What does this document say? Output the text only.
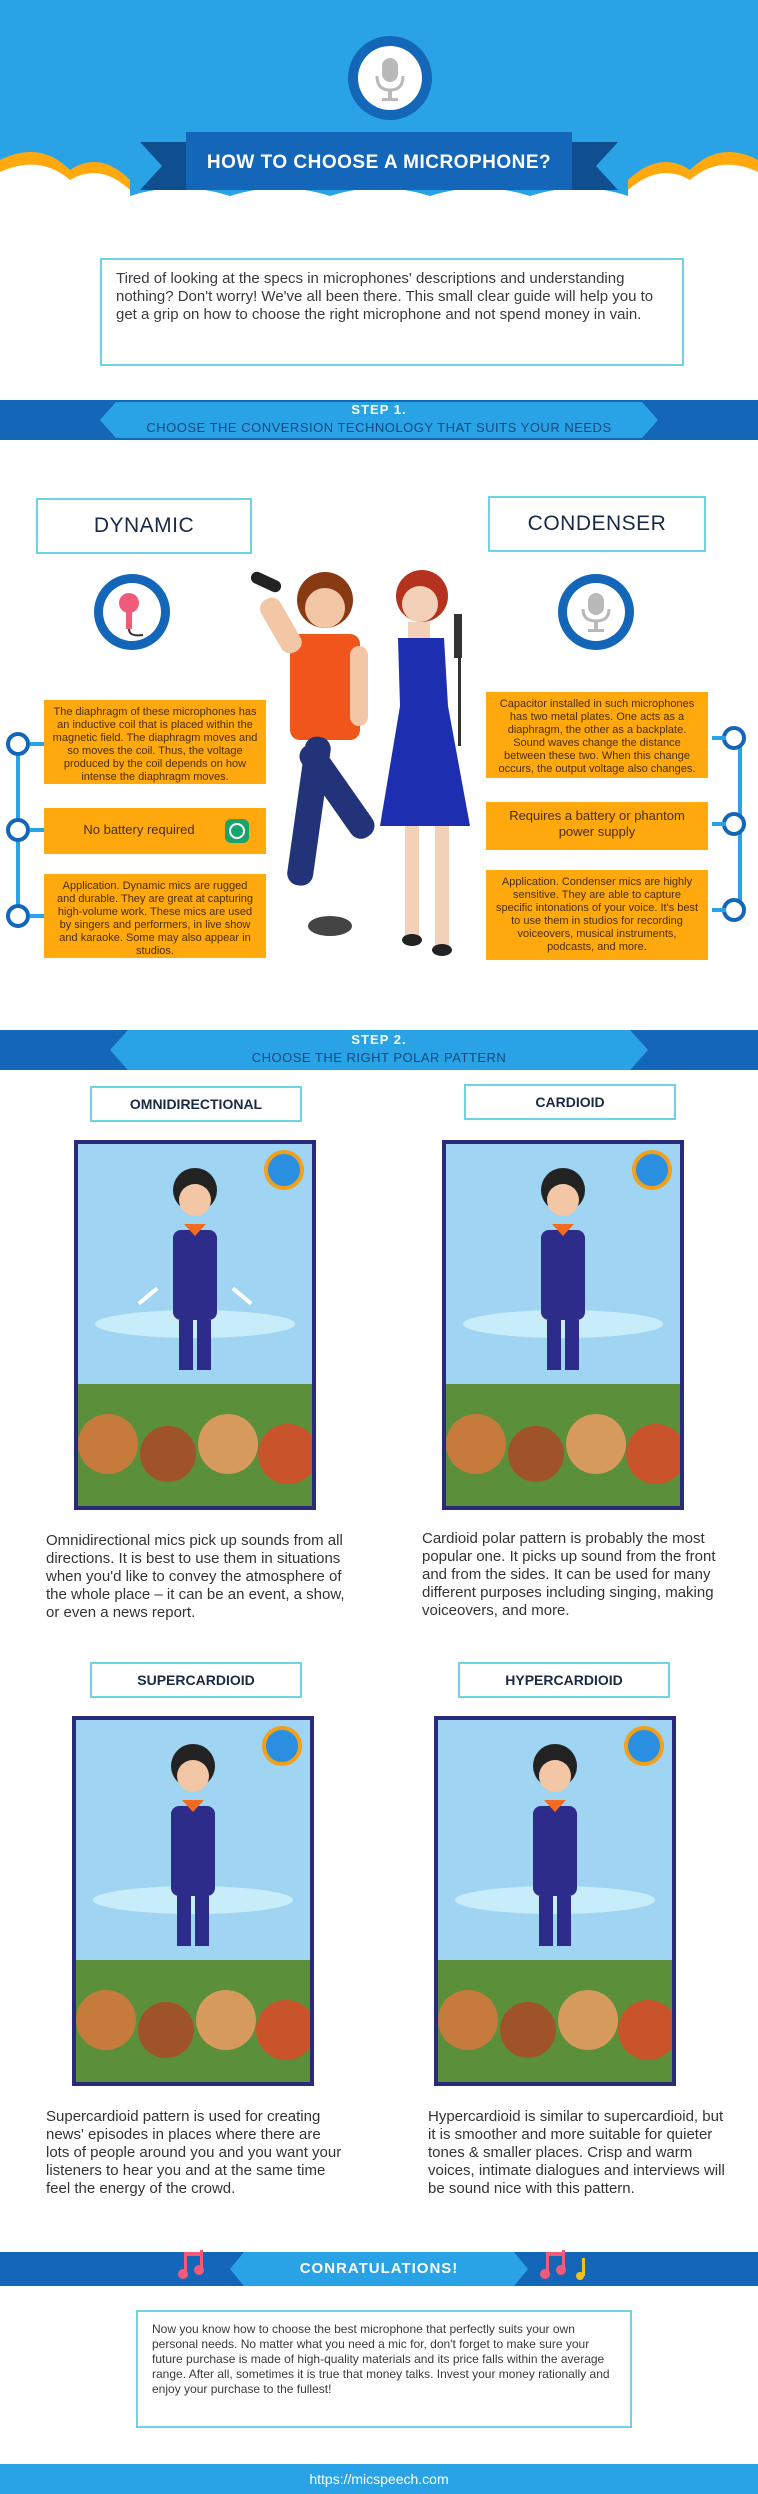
HOW TO CHOOSE A MICROPHONE?
Tired of looking at the specs in microphones' descriptions and understanding nothing? Don't worry! We've all been there. This small clear guide will help you to get a grip on how to choose the right microphone and not spend money in vain.
STEP 1.
CHOOSE THE CONVERSION TECHNOLOGY THAT SUITS YOUR NEEDS
DYNAMIC	CONDENSER
The diaphragm of these microphones has an inductive coil that is placed within the magnetic field. The diaphragm moves and so moves the coil. Thus, the voltage produced by the coil depends on how intense the diaphragm moves.
No battery required
Application. Dynamic mics are rugged and durable. They are great at capturing high-volume work. These mics are used by singers and performers, in live show and karaoke. Some may also appear in studios.
Capacitor installed in such microphones has two metal plates. One acts as a diaphragm, the other as a backplate. Sound waves change the distance between these two. When this change occurs, the output voltage also changes.
Requires a battery or phantom power supply
Application. Condenser mics are highly sensitive. They are able to capture specific intonations of your voice. It's best to use them in studios for recording voiceovers, musical instruments, podcasts, and more.
STEP 2.
CHOOSE THE RIGHT POLAR PATTERN
OMNIDIRECTIONAL	CARDIOID
SUPERCARDIOID	HYPERCARDIOID
Omnidirectional mics pick up sounds from all directions. It is best to use them in situations when you'd like to convey the atmosphere of the whole place – it can be an event, a show, or even a news report.
Cardioid polar pattern is probably the most popular one. It picks up sound from the front and from the sides. It can be used for many different purposes including singing, making voiceovers, and more.
Supercardioid pattern is used for creating news' episodes in places where there are lots of people around you and you want your listeners to hear you and at the same time feel the energy of the crowd.
Hypercardioid is similar to supercardioid, but it is smoother and more suitable for quieter tones & smaller places. Crisp and warm voices, intimate dialogues and interviews will be sound nice with this pattern.
CONRATULATIONS!
Now you know how to choose the best microphone that perfectly suits your own personal needs. No matter what you need a mic for, don't forget to make sure your future purchase is made of high-quality materials and its price falls within the average range. After all, sometimes it is true that money talks. Invest your money rationally and enjoy your purchase to the fullest!
https://micspeech.com
